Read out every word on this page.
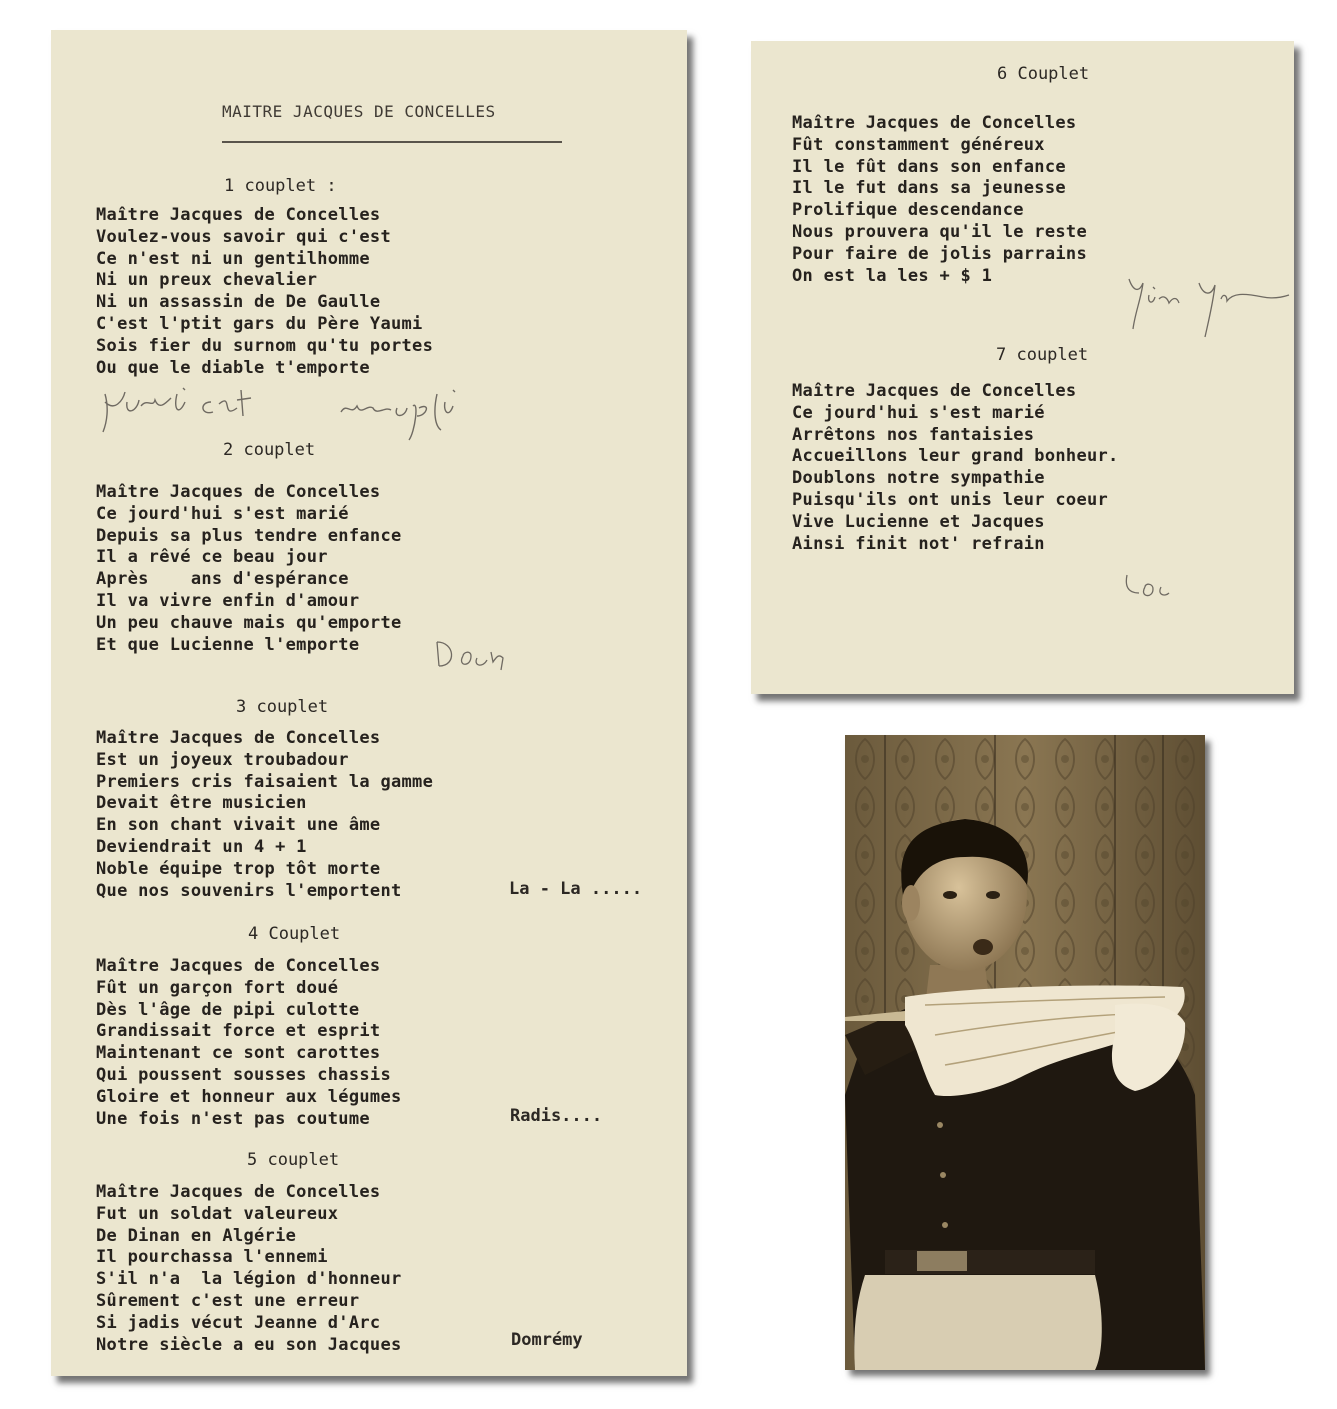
MAITRE JACQUES DE CONCELLES
1 couplet :
Maître Jacques de Concelles
Voulez-vous savoir qui c'est
Ce n'est ni un gentilhomme
Ni un preux chevalier
Ni un assassin de De Gaulle
C'est l'ptit gars du Père Yaumi
Sois fier du surnom qu'tu portes
Ou que le diable t'emporte
2 couplet
Maître Jacques de Concelles
Ce jourd'hui s'est marié
Depuis sa plus tendre enfance
Il a rêvé ce beau jour
Après    ans d'espérance
Il va vivre enfin d'amour
Un peu chauve mais qu'emporte
Et que Lucienne l'emporte
3 couplet
Maître Jacques de Concelles
Est un joyeux troubadour
Premiers cris faisaient la gamme
Devait être musicien
En son chant vivait une âme
Deviendrait un 4 + 1
Noble équipe trop tôt morte
Que nos souvenirs l'emportent	La - La .....
4 Couplet
Maître Jacques de Concelles
Fût un garçon fort doué
Dès l'âge de pipi culotte
Grandissait force et esprit
Maintenant ce sont carottes
Qui poussent sousses chassis
Gloire et honneur aux légumes
Une fois n'est pas coutume	Radis....
5 couplet
Maître Jacques de Concelles
Fut un soldat valeureux
De Dinan en Algérie
Il pourchassa l'ennemi
S'il n'a  la légion d'honneur
Sûrement c'est une erreur
Si jadis vécut Jeanne d'Arc
Notre siècle a eu son Jacques	Domrémy
6 Couplet
Maître Jacques de Concelles
Fût constamment généreux
Il le fût dans son enfance
Il le fut dans sa jeunesse
Prolifique descendance
Nous prouvera qu'il le reste
Pour faire de jolis parrains
On est la les + $ 1
7 couplet
Maître Jacques de Concelles
Ce jourd'hui s'est marié
Arrêtons nos fantaisies
Accueillons leur grand bonheur.
Doublons notre sympathie
Puisqu'ils ont unis leur coeur
Vive Lucienne et Jacques
Ainsi finit not' refrain
